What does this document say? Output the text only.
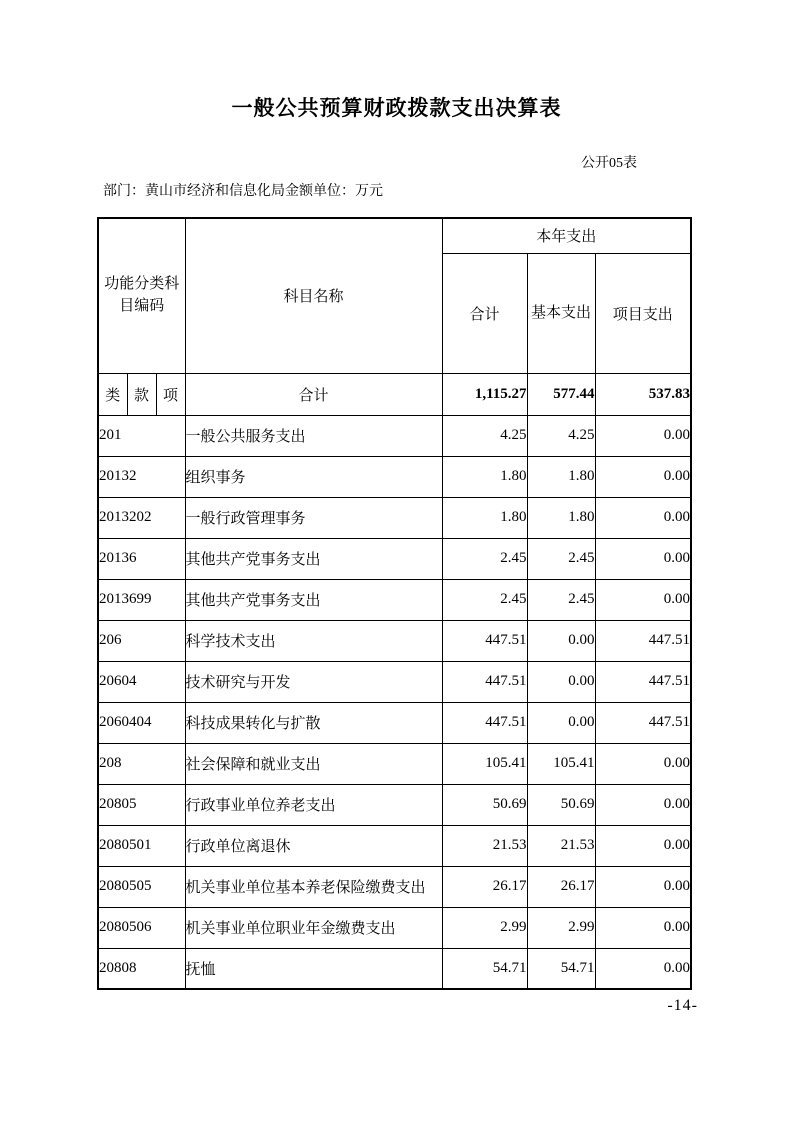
一般公共预算财政拨款支出决算表
公开05表
部门：黄山市经济和信息化局金额单位：万元
功能分类科目编码			科目名称	本年支出		
				合计	基本支出	项目支出
类	款	项	合计	1,115.27	577.44	537.83
201			一般公共服务支出	4.25	4.25	0.00
20132			组织事务	1.80	1.80	0.00
2013202			一般行政管理事务	1.80	1.80	0.00
20136			其他共产党事务支出	2.45	2.45	0.00
2013699			其他共产党事务支出	2.45	2.45	0.00
206			科学技术支出	447.51	0.00	447.51
20604			技术研究与开发	447.51	0.00	447.51
2060404			科技成果转化与扩散	447.51	0.00	447.51
208			社会保障和就业支出	105.41	105.41	0.00
20805			行政事业单位养老支出	50.69	50.69	0.00
2080501			行政单位离退休	21.53	21.53	0.00
2080505			机关事业单位基本养老保险缴费支出	26.17	26.17	0.00
2080506			机关事业单位职业年金缴费支出	2.99	2.99	0.00
20808			抚恤	54.71	54.71	0.00
-14-
